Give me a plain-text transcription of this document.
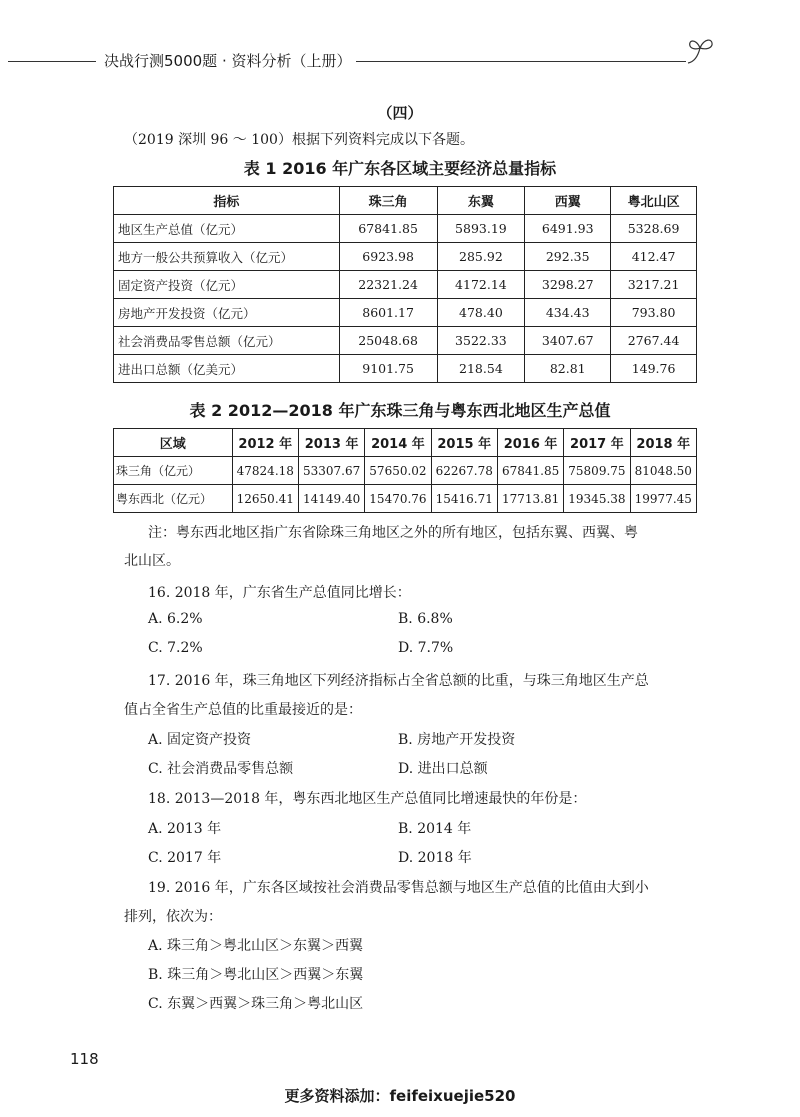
决战行测5000题 · 资料分析（上册）
（四）
（2019 深圳 96 ～ 100）根据下列资料完成以下各题。
表 1 2016 年广东各区域主要经济总量指标
指标	珠三角	东翼	西翼	粤北山区
地区生产总值（亿元）	67841.85	5893.19	6491.93	5328.69
地方一般公共预算收入（亿元）	6923.98	285.92	292.35	412.47
固定资产投资（亿元）	22321.24	4172.14	3298.27	3217.21
房地产开发投资（亿元）	8601.17	478.40	434.43	793.80
社会消费品零售总额（亿元）	25048.68	3522.33	3407.67	2767.44
进出口总额（亿美元）	9101.75	218.54	82.81	149.76
表 2 2012—2018 年广东珠三角与粤东西北地区生产总值
区域	2012 年	2013 年	2014 年	2015 年	2016 年	2017 年	2018 年
珠三角（亿元）	47824.18	53307.67	57650.02	62267.78	67841.85	75809.75	81048.50
粤东西北（亿元）	12650.41	14149.40	15470.76	15416.71	17713.81	19345.38	19977.45
注：粤东西北地区指广东省除珠三角地区之外的所有地区，包括东翼、西翼、粤
北山区。
16. 2018 年，广东省生产总值同比增长：
A. 6.2%	B. 6.8%
C. 7.2%	D. 7.7%
17. 2016 年，珠三角地区下列经济指标占全省总额的比重，与珠三角地区生产总
值占全省生产总值的比重最接近的是：
A. 固定资产投资	B. 房地产开发投资
C. 社会消费品零售总额	D. 进出口总额
18. 2013—2018 年，粤东西北地区生产总值同比增速最快的年份是：
A. 2013 年	B. 2014 年
C. 2017 年	D. 2018 年
19. 2016 年，广东各区域按社会消费品零售总额与地区生产总值的比值由大到小
排列，依次为：
A. 珠三角＞粤北山区＞东翼＞西翼
B. 珠三角＞粤北山区＞西翼＞东翼
C. 东翼＞西翼＞珠三角＞粤北山区
118
更多资料添加：feifeixuejie520
